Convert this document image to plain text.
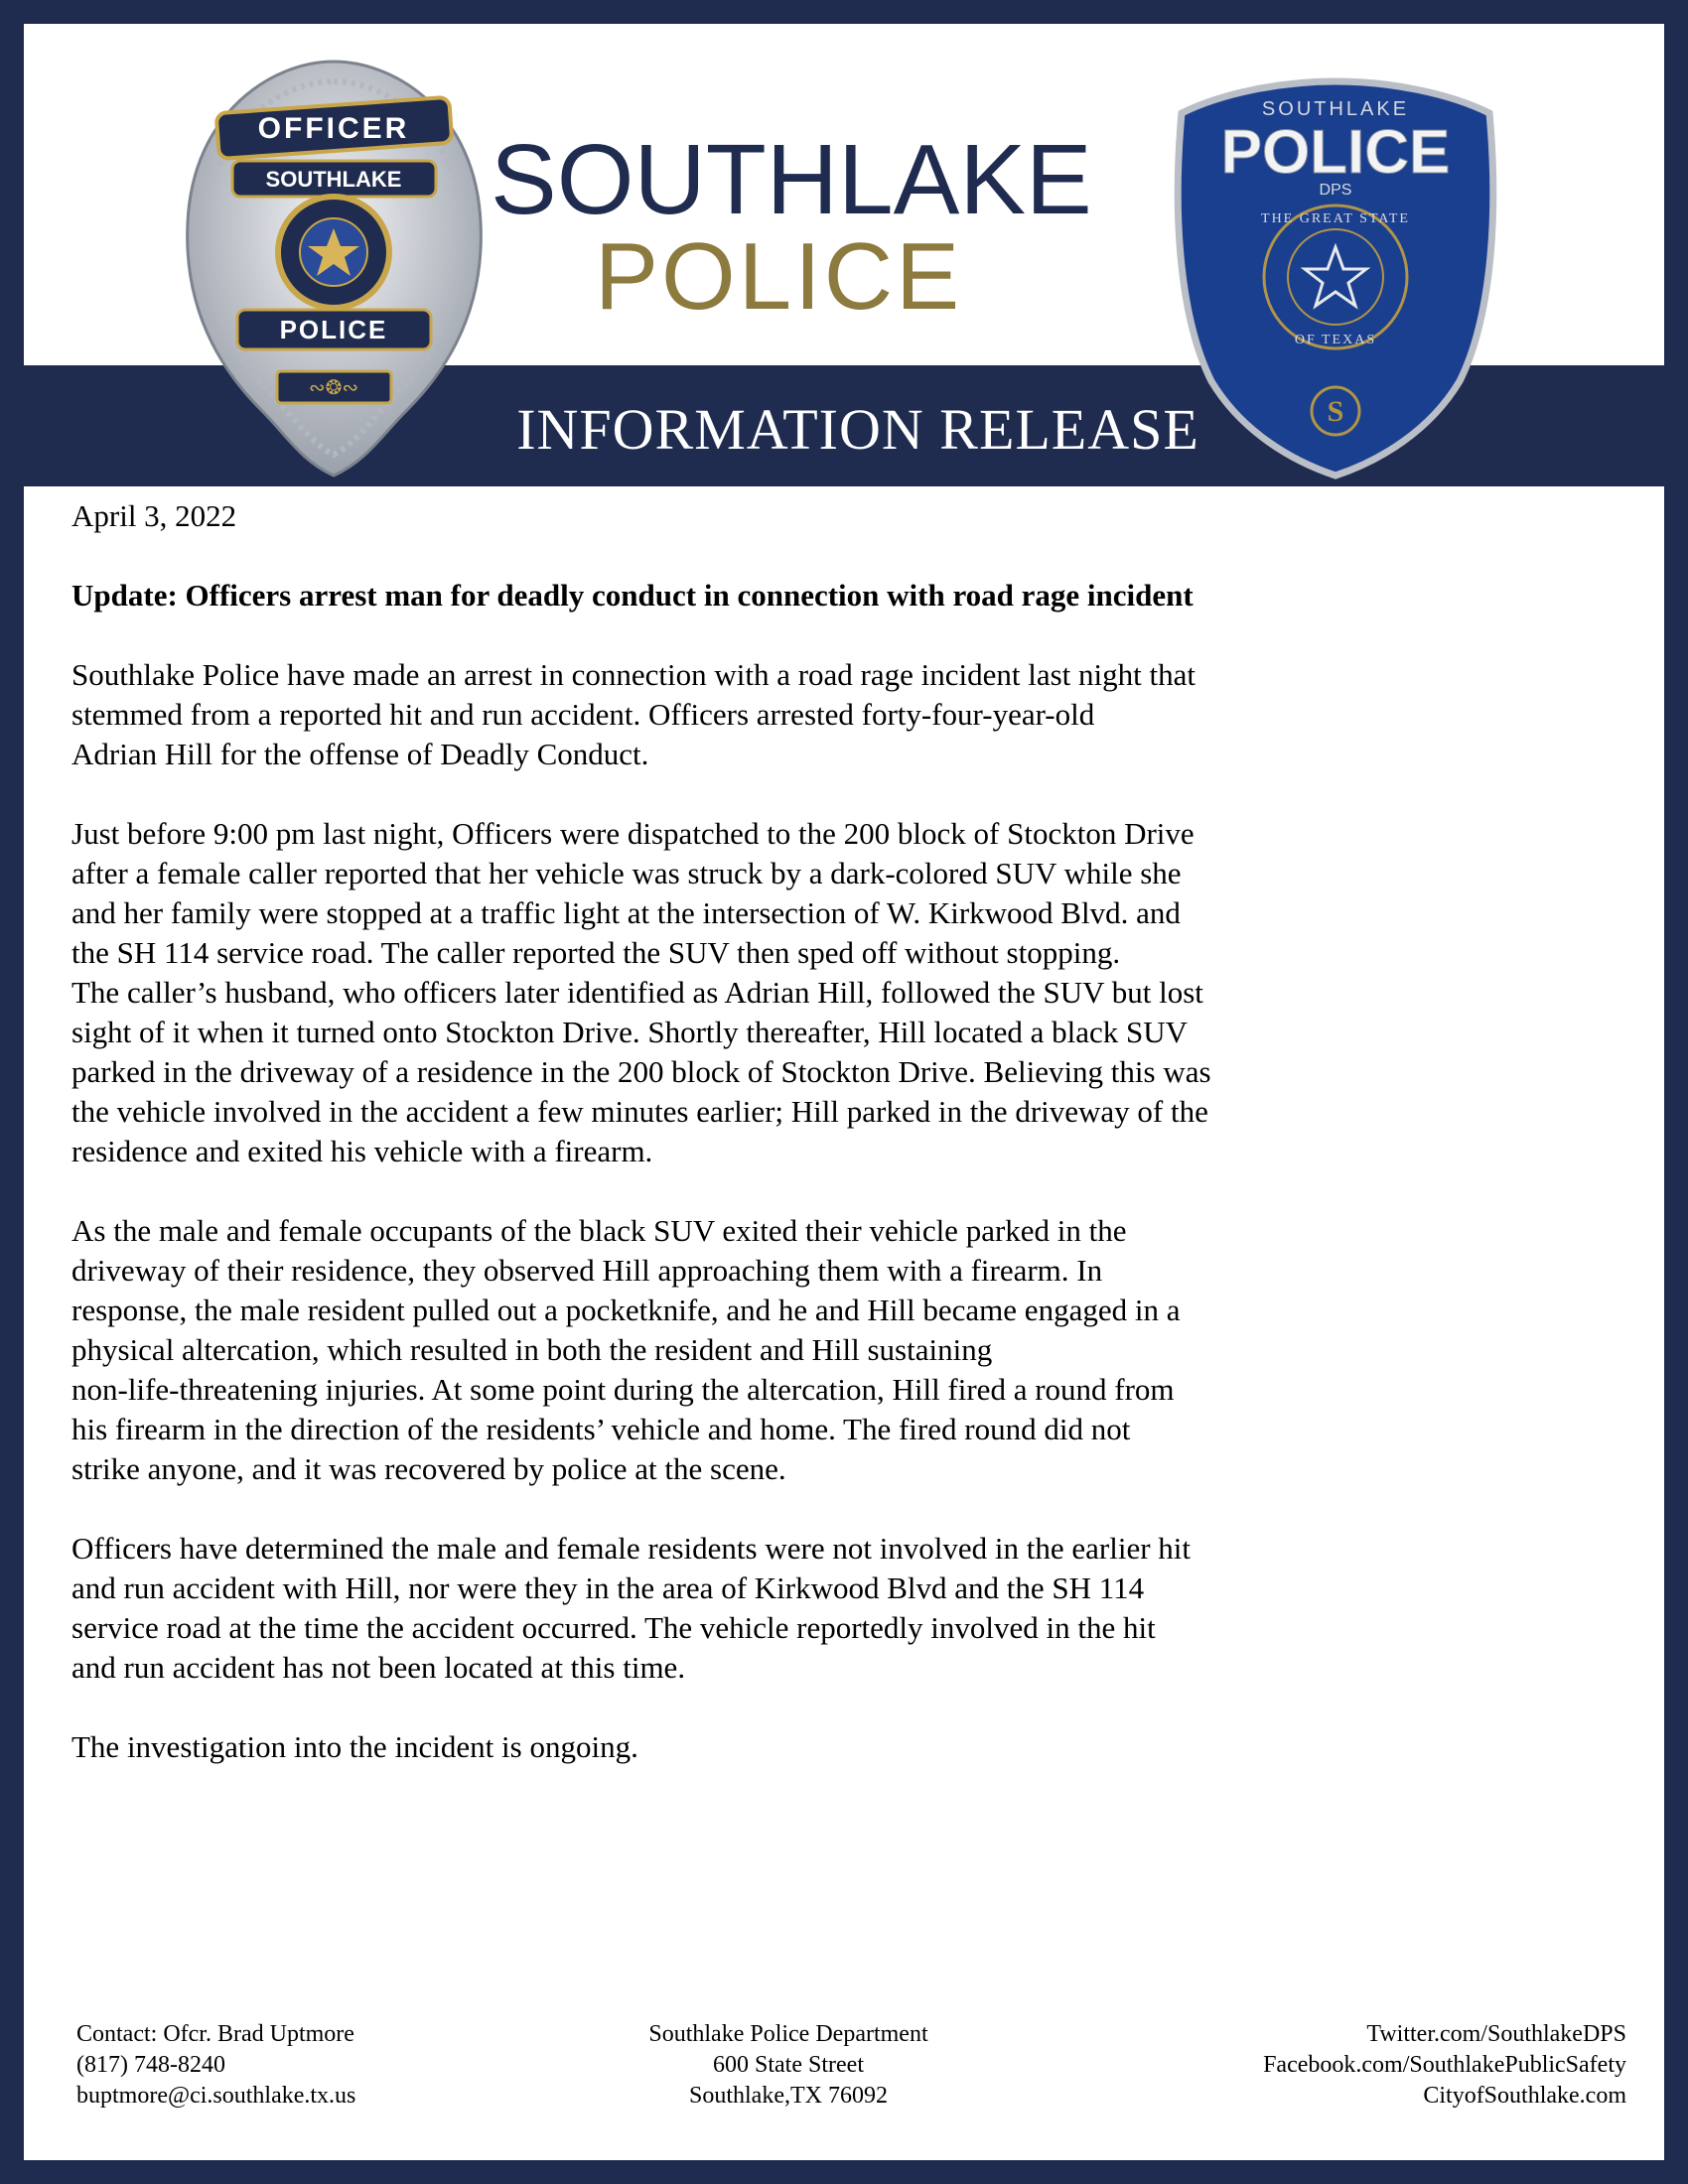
SOUTHLAKE
POLICE
INFORMATION RELEASE
OFFICER
SOUTHLAKE
POLICE
∾❂∾
SOUTHLAKE
POLICE
DPS
THE GREAT STATE
OF TEXAS
S

April 3, 2022

Update: Officers arrest man for deadly conduct in connection with road rage incident

Southlake Police have made an arrest in connection with a road rage incident last night that
stemmed from a reported hit and run accident. Officers arrested forty-four-year-old
Adrian Hill for the offense of Deadly Conduct.

Just before 9:00 pm last night, Officers were dispatched to the 200 block of Stockton Drive
after a female caller reported that her vehicle was struck by a dark-colored SUV while she
and her family were stopped at a traffic light at the intersection of W. Kirkwood Blvd. and
the SH 114 service road. The caller reported the SUV then sped off without stopping.
The caller’s husband, who officers later identified as Adrian Hill, followed the SUV but lost
sight of it when it turned onto Stockton Drive. Shortly thereafter, Hill located a black SUV
parked in the driveway of a residence in the 200 block of Stockton Drive. Believing this was
the vehicle involved in the accident a few minutes earlier; Hill parked in the driveway of the
residence and exited his vehicle with a firearm.

As the male and female occupants of the black SUV exited their vehicle parked in the
driveway of their residence, they observed Hill approaching them with a firearm. In
response, the male resident pulled out a pocketknife, and he and Hill became engaged in a
physical altercation, which resulted in both the resident and Hill sustaining
non-life-threatening injuries. At some point during the altercation, Hill fired a round from
his firearm in the direction of the residents’ vehicle and home. The fired round did not
strike anyone, and it was recovered by police at the scene.

Officers have determined the male and female residents were not involved in the earlier hit
and run accident with Hill, nor were they in the area of Kirkwood Blvd and the SH 114
service road at the time the accident occurred. The vehicle reportedly involved in the hit
and run accident has not been located at this time.

The investigation into the incident is ongoing.

Contact: Ofcr. Brad Uptmore

(817) 748-8240

buptmore@ci.southlake.tx.us

Southlake Police Department

600 State Street

Southlake,TX 76092

Twitter.com/SouthlakeDPS

Facebook.com/SouthlakePublicSafety

CityofSouthlake.com
